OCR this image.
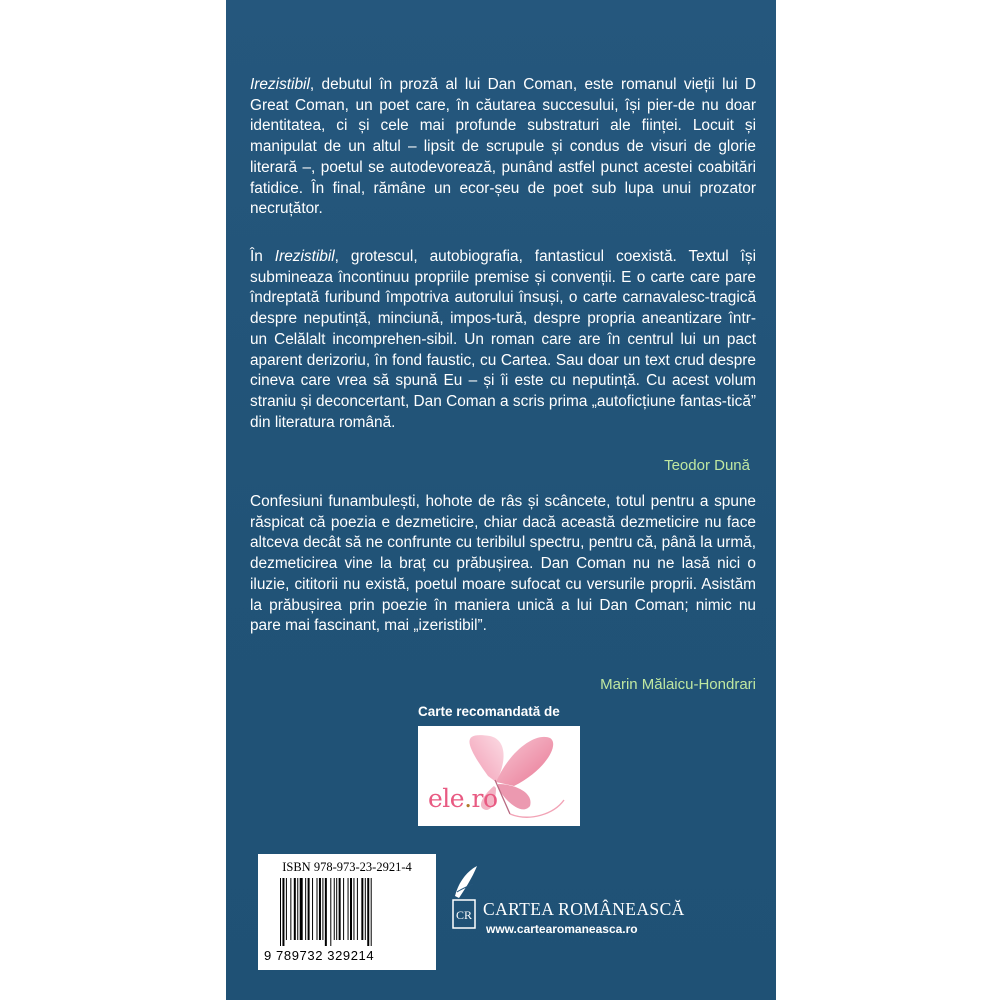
Irezistibil, debutul în proză al lui Dan Coman, este romanul vieții lui D Great Coman, un poet care, în căutarea succesului, își pier-de nu doar identitatea, ci și cele mai profunde substraturi ale ființei. Locuit și manipulat de un altul – lipsit de scrupule și condus de visuri de glorie literară –, poetul se autodevorează, punând astfel punct acestei coabitări fatidice. În final, rămâne un ecor-șeu de poet sub lupa unui prozator necruțător.

În Irezistibil, grotescul, autobiografia, fantasticul coexistă. Textul își submineaza încontinuu propriile premise și convenții. E o carte care pare îndreptată furibund împotriva autorului însuși, o carte carnavalesc-tragică despre neputință, minciună, impos-tură, despre propria aneantizare într-un Celălalt incomprehen-sibil. Un roman care are în centrul lui un pact aparent derizoriu, în fond faustic, cu Cartea. Sau doar un text crud despre cineva care vrea să spună Eu – și îi este cu neputință. Cu acest volum straniu și deconcertant, Dan Coman a scris prima „autoficțiune fantas-tică” din literatura română.

Teodor Dună

Confesiuni funambulești, hohote de râs și scâncete, totul pentru a spune răspicat că poezia e dezmeticire, chiar dacă această dezmeticire nu face altceva decât să ne confrunte cu teribilul spectru, pentru că, până la urmă, dezmeticirea vine la braț cu prăbușirea. Dan Coman nu ne lasă nici o iluzie, cititorii nu există, poetul moare sufocat cu versurile proprii. Asistăm la prăbușirea prin poezie în maniera unică a lui Dan Coman; nimic nu pare mai fascinant, mai „izeristibil”.

Marin Mălaicu-Hondrari
Carte recomandată de
ele.ro
ISBN 978-973-23-2921-4
9 789732 329214
CR CARTEA ROMÂNEASCĂ
www.cartearomaneasca.ro
